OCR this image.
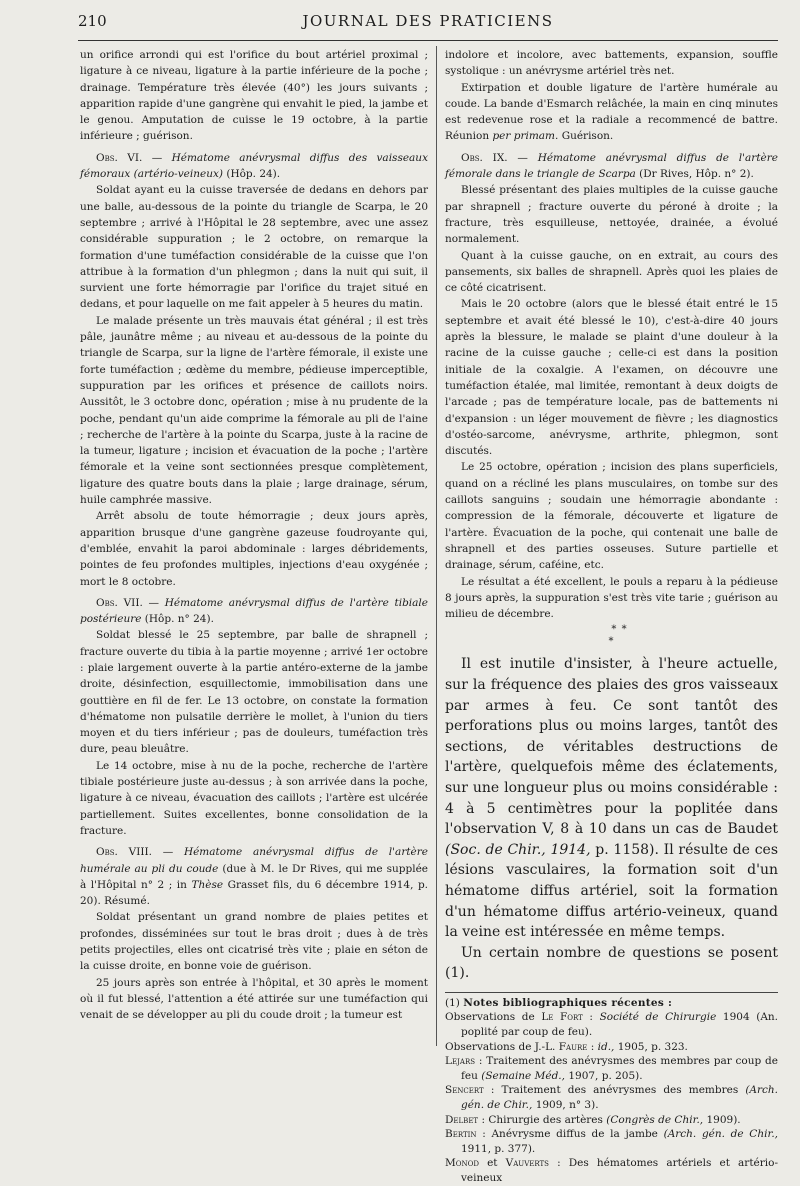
210	JOURNAL DES PRATICIENS

un orifice arrondi qui est l'orifice du bout artériel proximal ; ligature à ce niveau, ligature à la partie inférieure de la poche ; drainage. Température très élevée (40°) les jours suivants ; apparition rapide d'une gangrène qui envahit le pied, la jambe et le genou. Amputation de cuisse le 19 octobre, à la partie inférieure ; guérison.

Obs. VI. — Hématome anévrysmal diffus des vaisseaux fémoraux (artério-veineux) (Hôp. 24).

Soldat ayant eu la cuisse traversée de dedans en dehors par une balle, au-dessous de la pointe du triangle de Scarpa, le 20 septembre ; arrivé à l'Hôpital le 28 septembre, avec une assez considérable suppuration ; le 2 octobre, on remarque la formation d'une tuméfaction considérable de la cuisse que l'on attribue à la formation d'un phlegmon ; dans la nuit qui suit, il survient une forte hémorragie par l'orifice du trajet situé en dedans, et pour laquelle on me fait appeler à 5 heures du matin.

Le malade présente un très mauvais état général ; il est très pâle, jaunâtre même ; au niveau et au-dessous de la pointe du triangle de Scarpa, sur la ligne de l'artère fémorale, il existe une forte tuméfaction ; œdème du membre, pédieuse imperceptible, suppuration par les orifices et présence de caillots noirs. Aussitôt, le 3 octobre donc, opération ; mise à nu prudente de la poche, pendant qu'un aide comprime la fémorale au pli de l'aine ; recherche de l'artère à la pointe du Scarpa, juste à la racine de la tumeur, ligature ; incision et évacuation de la poche ; l'artère fémorale et la veine sont sectionnées presque complètement, ligature des quatre bouts dans la plaie ; large drainage, sérum, huile camphrée massive.

Arrêt absolu de toute hémorragie ; deux jours après, apparition brusque d'une gangrène gazeuse foudroyante qui, d'emblée, envahit la paroi abdominale : larges débridements, pointes de feu profondes multiples, injections d'eau oxygénée ; mort le 8 octobre.

Obs. VII. — Hématome anévrysmal diffus de l'artère tibiale postérieure (Hôp. n° 24).

Soldat blessé le 25 septembre, par balle de shrapnell ; fracture ouverte du tibia à la partie moyenne ; arrivé 1er octobre : plaie largement ouverte à la partie antéro-externe de la jambe droite, désinfection, esquillectomie, immobilisation dans une gouttière en fil de fer. Le 13 octobre, on constate la formation d'hématome non pulsatile derrière le mollet, à l'union du tiers moyen et du tiers inférieur ; pas de douleurs, tuméfaction très dure, peau bleuâtre.

Le 14 octobre, mise à nu de la poche, recherche de l'artère tibiale postérieure juste au-dessus ; à son arrivée dans la poche, ligature à ce niveau, évacuation des caillots ; l'artère est ulcérée partiellement. Suites excellentes, bonne consolidation de la fracture.

Obs. VIII. — Hématome anévrysmal diffus de l'artère humérale au pli du coude (due à M. le Dr Rives, qui me supplée à l'Hôpital n° 2 ; in Thèse Grasset fils, du 6 décembre 1914, p. 20). Résumé.

Soldat présentant un grand nombre de plaies petites et profondes, disséminées sur tout le bras droit ; dues à de très petits projectiles, elles ont cicatrisé très vite ; plaie en séton de la cuisse droite, en bonne voie de guérison.

25 jours après son entrée à l'hôpital, et 30 après le moment où il fut blessé, l'attention a été attirée sur une tuméfaction qui venait de se développer au pli du coude droit ; la tumeur est

indolore et incolore, avec battements, expansion, souffle systolique : un anévrysme artériel très net.

Extirpation et double ligature de l'artère humérale au coude. La bande d'Esmarch relâchée, la main en cinq minutes est redevenue rose et la radiale a recommencé de battre. Réunion per primam. Guérison.

Obs. IX. — Hématome anévrysmal diffus de l'artère fémorale dans le triangle de Scarpa (Dr Rives, Hôp. n° 2).

Blessé présentant des plaies multiples de la cuisse gauche par shrapnell ; fracture ouverte du péroné à droite ; la fracture, très esquilleuse, nettoyée, drainée, a évolué normalement.

Quant à la cuisse gauche, on en extrait, au cours des pansements, six balles de shrapnell. Après quoi les plaies de ce côté cicatrisent.

Mais le 20 octobre (alors que le blessé était entré le 15 septembre et avait été blessé le 10), c'est-à-dire 40 jours après la blessure, le malade se plaint d'une douleur à la racine de la cuisse gauche ; celle-ci est dans la position initiale de la coxalgie. A l'examen, on découvre une tuméfaction étalée, mal limitée, remontant à deux doigts de l'arcade ; pas de température locale, pas de battements ni d'expansion : un léger mouvement de fièvre ; les diagnostics d'ostéo-sarcome, anévrysme, arthrite, phlegmon, sont discutés.

Le 25 octobre, opération ; incision des plans superficiels, quand on a récliné les plans musculaires, on tombe sur des caillots sanguins ; soudain une hémorragie abondante : compression de la fémorale, découverte et ligature de l'artère. Évacuation de la poche, qui contenait une balle de shrapnell et des parties osseuses. Suture partielle et drainage, sérum, caféine, etc.

Le résultat a été excellent, le pouls a reparu à la pédieuse 8 jours après, la suppuration s'est très vite tarie ; guérison au milieu de décembre.

* *
*

Il est inutile d'insister, à l'heure actuelle, sur la fréquence des plaies des gros vaisseaux par armes à feu. Ce sont tantôt des perforations plus ou moins larges, tantôt des sections, de véritables destructions de l'artère, quelquefois même des éclatements, sur une longueur plus ou moins considérable : 4 à 5 centimètres pour la poplitée dans l'observation V, 8 à 10 dans un cas de Baudet (Soc. de Chir., 1914, p. 1158). Il résulte de ces lésions vasculaires, la formation soit d'un hématome diffus artériel, soit la formation d'un hématome diffus artério-veineux, quand la veine est intéressée en même temps.

Un certain nombre de questions se posent (1).

(1) Notes bibliographiques récentes :

Observations de Le Fort : Société de Chirurgie 1904 (An. poplité par coup de feu).

Observations de J.-L. Faure : id., 1905, p. 323.

Lejars : Traitement des anévrysmes des membres par coup de feu (Semaine Méd., 1907, p. 205).

Sencert : Traitement des anévrysmes des membres (Arch. gén. de Chir., 1909, n° 3).

Delbet : Chirurgie des artères (Congrès de Chir., 1909).

Bertin : Anévrysme diffus de la jambe (Arch. gén. de Chir., 1911, p. 377).

Monod et Vauverts : Des hématomes artériels et artério-veineux
